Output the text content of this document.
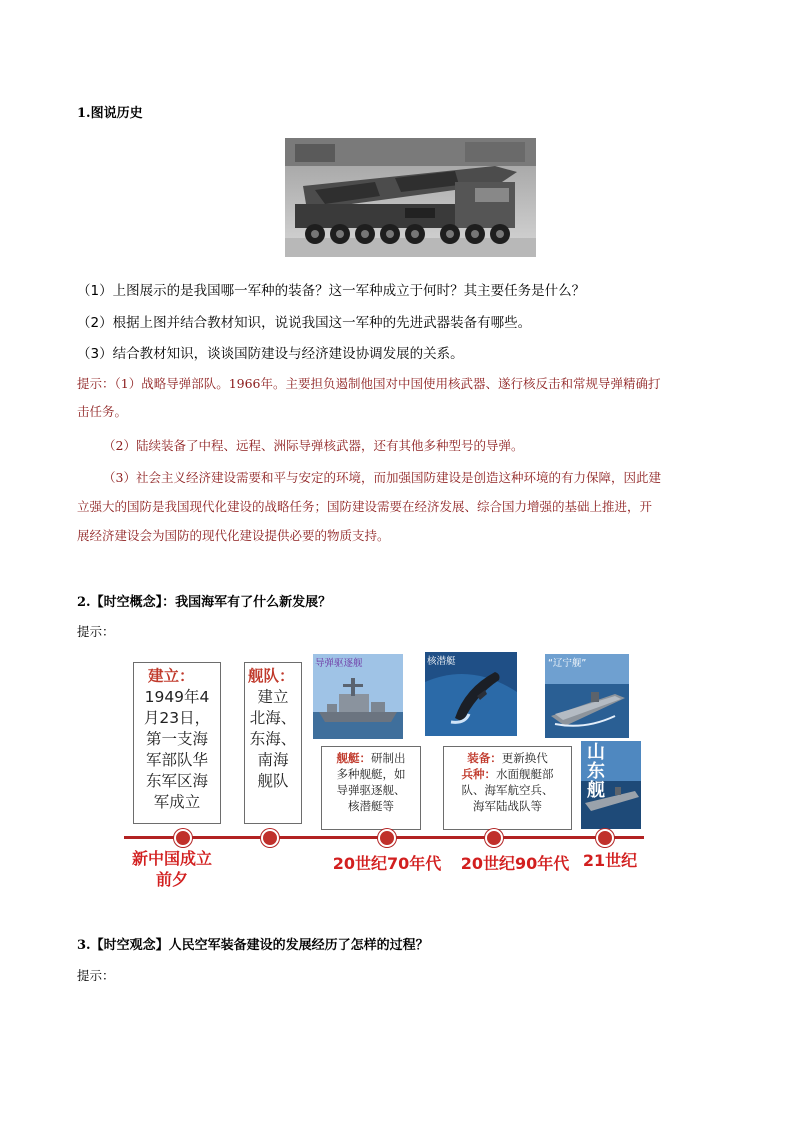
1.图说历史
（1）上图展示的是我国哪一军种的装备？这一军种成立于何时？其主要任务是什么？
（2）根据上图并结合教材知识，说说我国这一军种的先进武器装备有哪些。
（3）结合教材知识，谈谈国防建设与经济建设协调发展的关系。
提示：（1）战略导弹部队。1966年。主要担负遏制他国对中国使用核武器、遂行核反击和常规导弹精确打
击任务。
（2）陆续装备了中程、远程、洲际导弹核武器，还有其他多种型号的导弹。
（3）社会主义经济建设需要和平与安定的环境，而加强国防建设是创造这种环境的有力保障，因此建
立强大的国防是我国现代化建设的战略任务；国防建设需要在经济发展、综合国力增强的基础上推进，开
展经济建设会为国防的现代化建设提供必要的物质支持。
2.【时空概念】：我国海军有了什么新发展？
提示：
建立：
1949年4
月23日，
第一支海
军部队华
东军区海
军成立
舰队：
建立
北海、
东海、
南海
舰队
导弹驱逐舰	核潜艇	“辽宁舰”
山东舰
舰艇：研制出
多种舰艇，如
导弹驱逐舰、
核潜艇等
装备：更新换代
兵种：水面舰艇部
队、海军航空兵、
海军陆战队等
新中国成立
前夕
20世纪70年代 20世纪90年代 21世纪
3.【时空观念】人民空军装备建设的发展经历了怎样的过程？
提示：
